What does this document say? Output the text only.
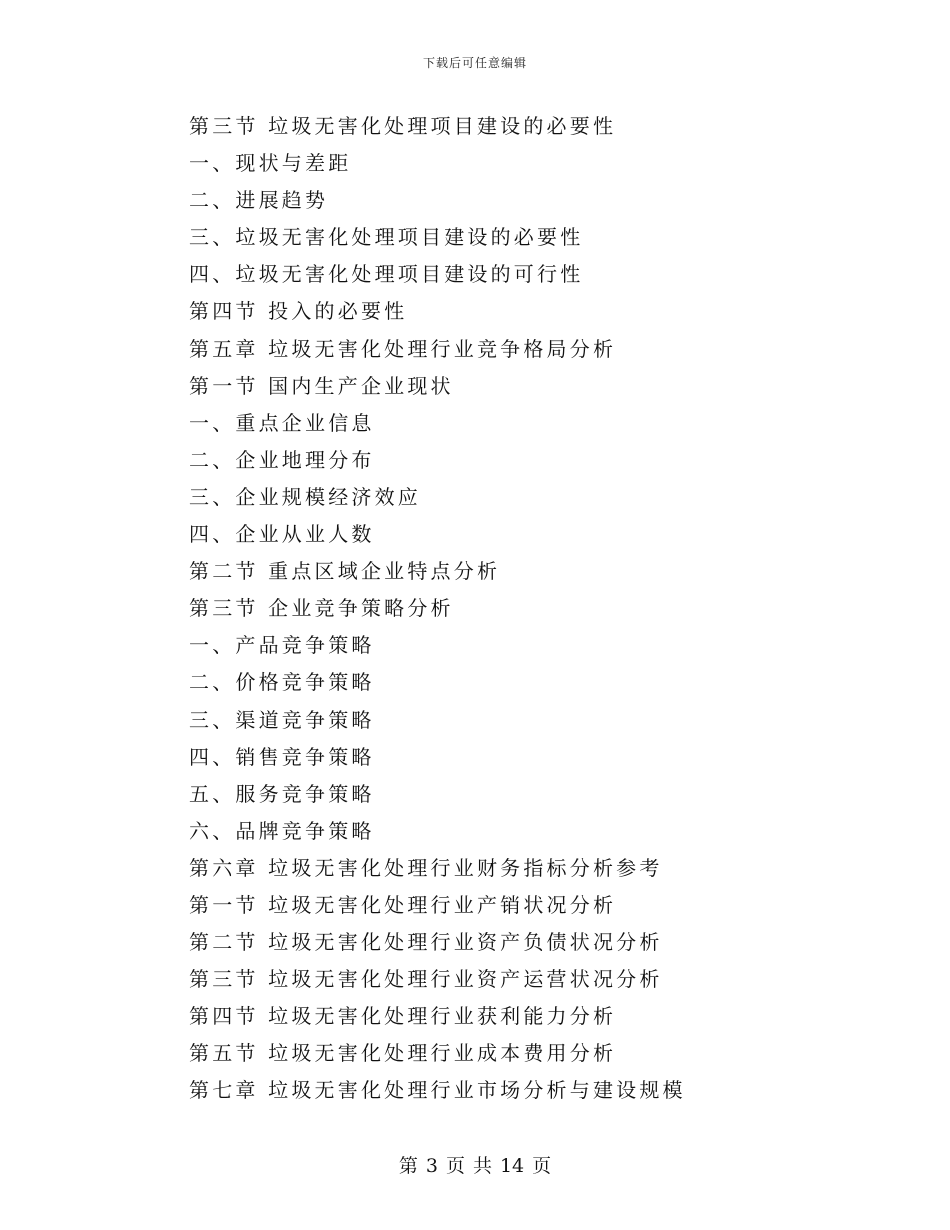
下载后可任意编辑
第三节 垃圾无害化处理项目建设的必要性
一、现状与差距
二、进展趋势
三、垃圾无害化处理项目建设的必要性
四、垃圾无害化处理项目建设的可行性
第四节 投入的必要性
第五章 垃圾无害化处理行业竞争格局分析
第一节 国内生产企业现状
一、重点企业信息
二、企业地理分布
三、企业规模经济效应
四、企业从业人数
第二节 重点区域企业特点分析
第三节 企业竞争策略分析
一、产品竞争策略
二、价格竞争策略
三、渠道竞争策略
四、销售竞争策略
五、服务竞争策略
六、品牌竞争策略
第六章 垃圾无害化处理行业财务指标分析参考
第一节 垃圾无害化处理行业产销状况分析
第二节 垃圾无害化处理行业资产负债状况分析
第三节 垃圾无害化处理行业资产运营状况分析
第四节 垃圾无害化处理行业获利能力分析
第五节 垃圾无害化处理行业成本费用分析
第七章 垃圾无害化处理行业市场分析与建设规模
第 3 页 共 14 页
